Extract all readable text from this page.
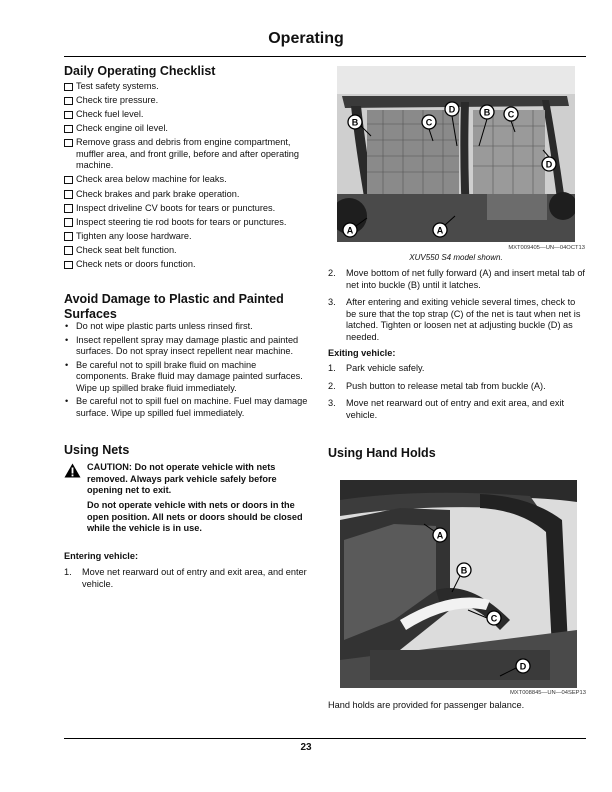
Operating
Daily Operating Checklist
Test safety systems.
Check tire pressure.
Check fuel level.
Check engine oil level.
Remove grass and debris from engine compartment, muffler area, and front grille, before and after operating machine.
Check area below machine for leaks.
Check brakes and park brake operation.
Inspect driveline CV boots for tears or punctures.
Inspect steering tie rod boots for tears or punctures.
Tighten any loose hardware.
Check seat belt function.
Check nets or doors function.
Avoid Damage to Plastic and Painted Surfaces
• Do not wipe plastic parts unless rinsed first.
• Insect repellent spray may damage plastic and painted surfaces. Do not spray insect repellent near machine.
• Be careful not to spill brake fluid on machine components. Brake fluid may damage painted surfaces. Wipe up spilled brake fluid immediately.
• Be careful not to spill fuel on machine. Fuel may damage surface. Wipe up spilled fuel immediately.
Using Nets
CAUTION: Do not operate vehicle with nets removed. Always park vehicle safely before opening net to exit.
Do not operate vehicle with nets or doors in the open position. All nets or doors should be closed while the vehicle is in use.
Entering vehicle:
1. Move net rearward out of entry and exit area, and enter vehicle.
B	C
D	B C
D
A	A
MXT009405—UN—04OCT13
XUV550 S4 model shown.
2. Move bottom of net fully forward (A) and insert metal tab of net into buckle (B) until it latches.
3. After entering and exiting vehicle several times, check to be sure that the top strap (C) of the net is taut when net is latched. Tighten or loosen net at adjusting buckle (D) as needed.
Exiting vehicle:
1. Park vehicle safely.
2. Push button to release metal tab from buckle (A).
3. Move net rearward out of entry and exit area, and exit vehicle.
Using Hand Holds
A
B
C
D
MXT008845—UN—04SEP13
Hand holds are provided for passenger balance.
23
